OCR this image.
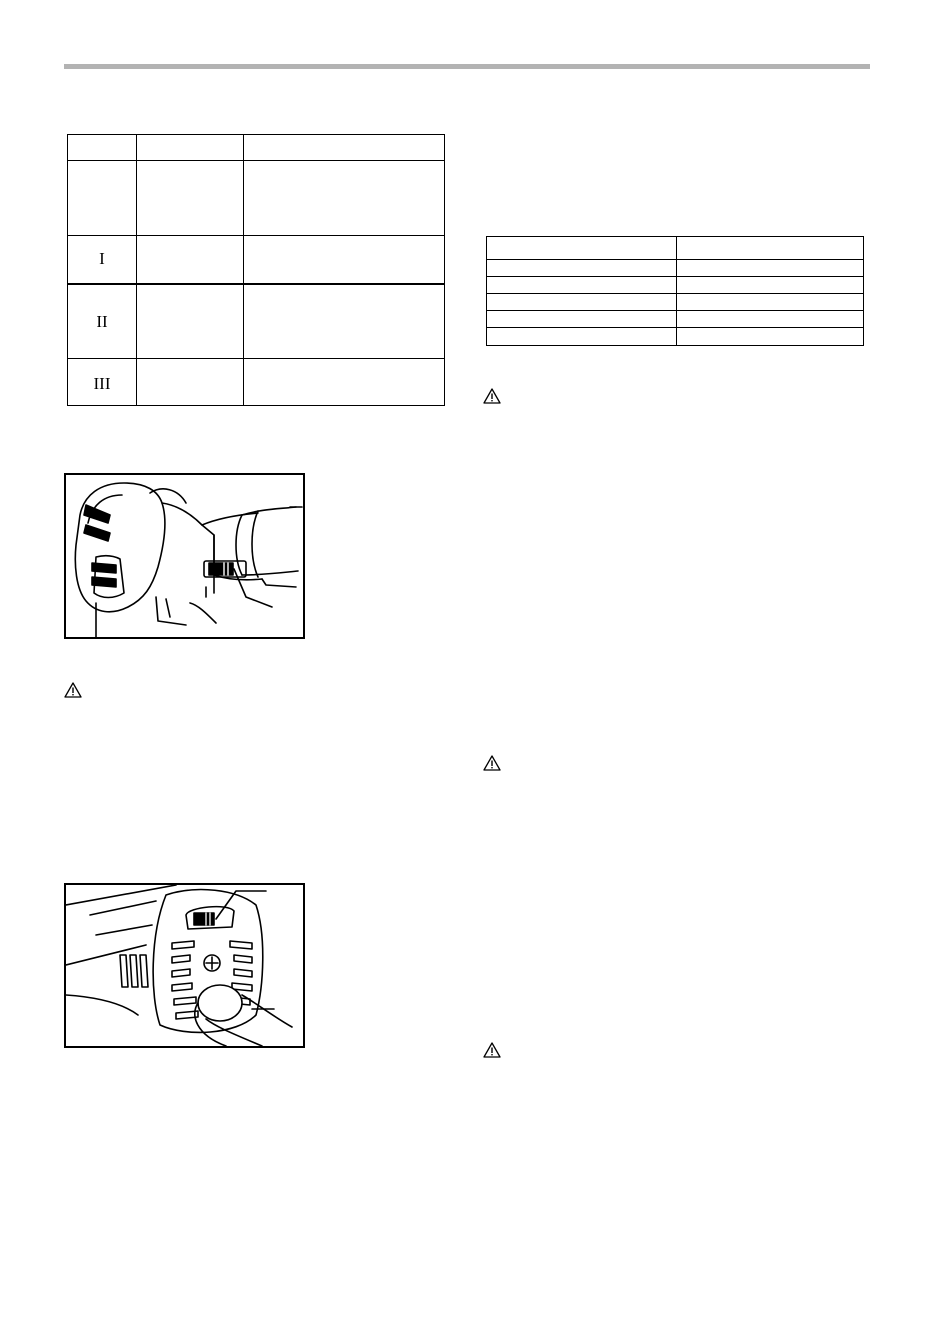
I
II
III
